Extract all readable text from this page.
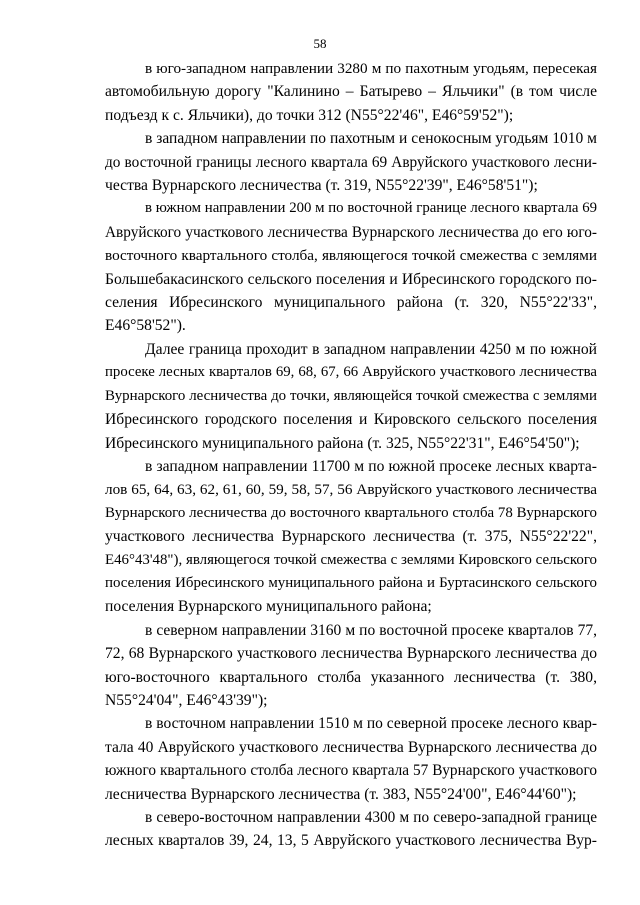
58
в юго-западном направлении 3280 м по пахотным угодьям, пересекая
автомобильную дорогу "Калинино – Батырево – Яльчики" (в том числе
подъезд к с. Яльчики), до точки 312 (N55°22'46", E46°59'52");
в западном направлении по пахотным и сенокосным угодьям 1010 м
до восточной границы лесного квартала 69 Авруйского участкового лесни-
чества Вурнарского лесничества (т. 319, N55°22'39", E46°58'51");
в южном направлении 200 м по восточной границе лесного квартала 69
Авруйского участкового лесничества Вурнарского лесничества до его юго-
восточного квартального столба, являющегося точкой смежества с землями
Большебакасинского сельского поселения и Ибресинского городского по-
селения Ибресинского муниципального района (т. 320, N55°22'33",
E46°58'52").
Далее граница проходит в западном направлении 4250 м по южной
просеке лесных кварталов 69, 68, 67, 66 Авруйского участкового лесничества
Вурнарского лесничества до точки, являющейся точкой смежества с землями
Ибресинского городского поселения и Кировского сельского поселения
Ибресинского муниципального района (т. 325, N55°22'31", E46°54'50");
в западном направлении 11700 м по южной просеке лесных кварта-
лов 65, 64, 63, 62, 61, 60, 59, 58, 57, 56 Авруйского участкового лесничества
Вурнарского лесничества до восточного квартального столба 78 Вурнарского
участкового лесничества Вурнарского лесничества (т. 375, N55°22'22",
E46°43'48"), являющегося точкой смежества с землями Кировского сельского
поселения Ибресинского муниципального района и Буртасинского сельского
поселения Вурнарского муниципального района;
в северном направлении 3160 м по восточной просеке кварталов 77,
72, 68 Вурнарского участкового лесничества Вурнарского лесничества до
юго-восточного квартального столба указанного лесничества (т. 380,
N55°24'04", E46°43'39");
в восточном направлении 1510 м по северной просеке лесного квар-
тала 40 Авруйского участкового лесничества Вурнарского лесничества до
южного квартального столба лесного квартала 57 Вурнарского участкового
лесничества Вурнарского лесничества (т. 383, N55°24'00", E46°44'60");
в северо-восточном направлении 4300 м по северо-западной границе
лесных кварталов 39, 24, 13, 5 Авруйского участкового лесничества Вур-
